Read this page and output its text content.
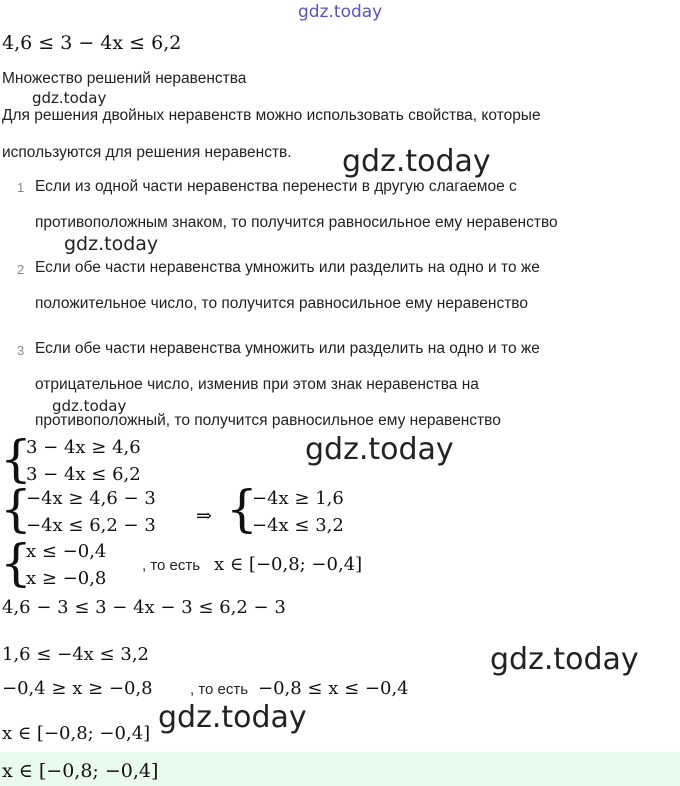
gdz.today
4,6 ≤ 3 − 4x ≤ 6,2
Множество решений неравенства
gdz.today
Для решения двойных неравенств можно использовать свойства, которые
используются для решения неравенств. gdz.today
1 Если из одной части неравенства перенести в другую слагаемое с
противоположным знаком, то получится равносильное ему неравенство
gdz.today
2 Если обе части неравенства умножить или разделить на одно и то же
положительное число, то получится равносильное ему неравенство
3 Если обе части неравенства умножить или разделить на одно и то же
отрицательное число, изменив при этом знак неравенства на
gdz.today
противоположный, то получится равносильное ему неравенство
{
3 − 4x ≥ 4,6
3 − 4x ≤ 6,2
gdz.today
{
−4x ≥ 4,6 − 3
−4x ≤ 6,2 − 3 ⇒ {
−4x ≥ 1,6
−4x ≤ 3,2
{
x ≤ −0,4
x ≥ −0,8
, то есть x ∈ [−0,8; −0,4]
4,6 − 3 ≤ 3 − 4x − 3 ≤ 6,2 − 3
1,6 ≤ −4x ≤ 3,2	gdz.today
−0,4 ≥ x ≥ −0,8 , то есть −0,8 ≤ x ≤ −0,4
x ∈ [−0,8; −0,4] gdz.today
x ∈ [−0,8; −0,4]
